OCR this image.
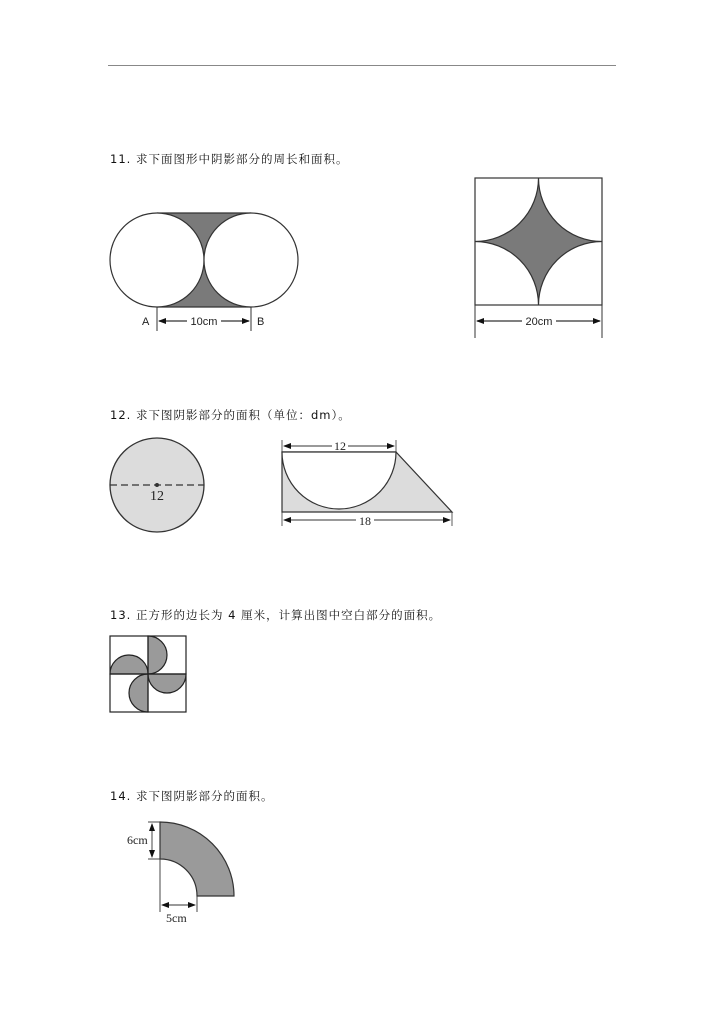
11. 求下面图形中阴影部分的周长和面积。
12. 求下图阴影部分的面积（单位：dm）。
13. 正方形的边长为 4 厘米，计算出图中空白部分的面积。
14. 求下图阴影部分的面积。
10cm
A	B	20cm
12
12
18
6cm
5cm
